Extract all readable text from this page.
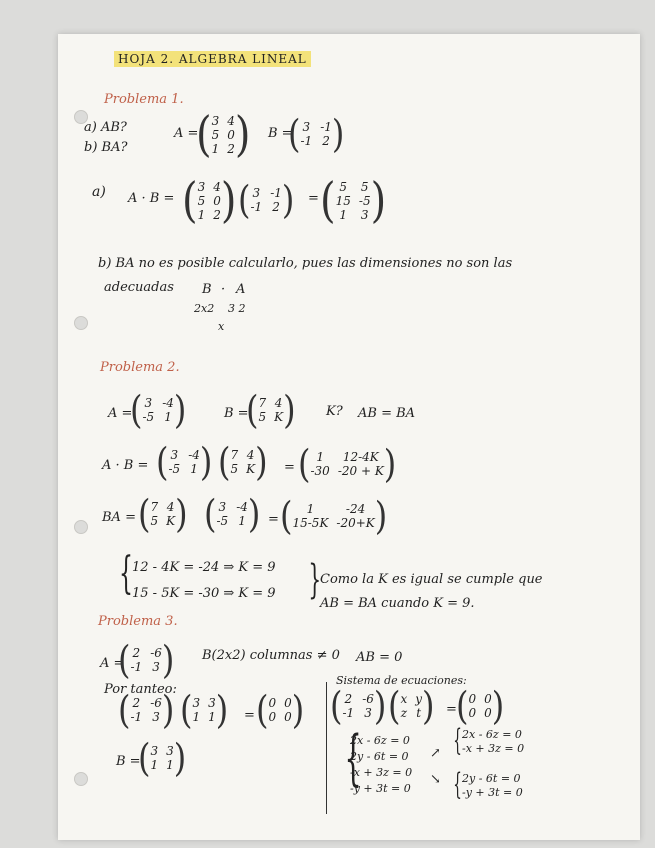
HOJA 2. ALGEBRA LINEAL
Problema 1.
a) AB?
b) BA?
A =
( 3 4
5 0
1 2 ) B =
( 3 -1
-1 2 )
a) A · B = ( 3 4
5 0
1 2 ) ( 3 -1
-1 2 ) = ( 5	5
15 -5
1	3 )
b) BA no es posible calcularlo, pues las dimensiones no son las
adecuadas B · A
2x2 3 2
x
Problema 2.
A =
( 3 -4
-5 1 )	B =
( 7 4
5 K ) K? AB = BA
A · B = ( 3 -4
-5 1 ) ( 7 4
5 K ) = ( 1	12-4K
-30 -20 + K )
BA = ( 7 4
5 K ) ( 3 -4
-5 1 ) = (	1	-24
15-5K -20+K )
{ 12 - 4K = -24 ⇒ K = 9
15 - 5K = -30 ⇒ K = 9 }
Como la K es igual se cumple que
AB = BA cuando K = 9.
Problema 3.
A =
( 2 -6
-1 3 ) B(2x2) columnas ≠ 0 AB = 0
Por tanteo:
( 2 -6
-1 3 ) ( 3 3
1 1 ) = ( 0 0
0 0 )
B =
( 3 3
1 1 )
Sistema de ecuaciones:
( 2 -6
-1 3 ) ( x y
z t ) = ( 0 0
0 0 )
{
2x - 6z = 0
2y - 6t = 0
-x + 3z = 0
-y + 3t = 0
↗
↘
{ 2x - 6z = 0
-x + 3z = 0
{ 2y - 6t = 0
-y + 3t = 0
